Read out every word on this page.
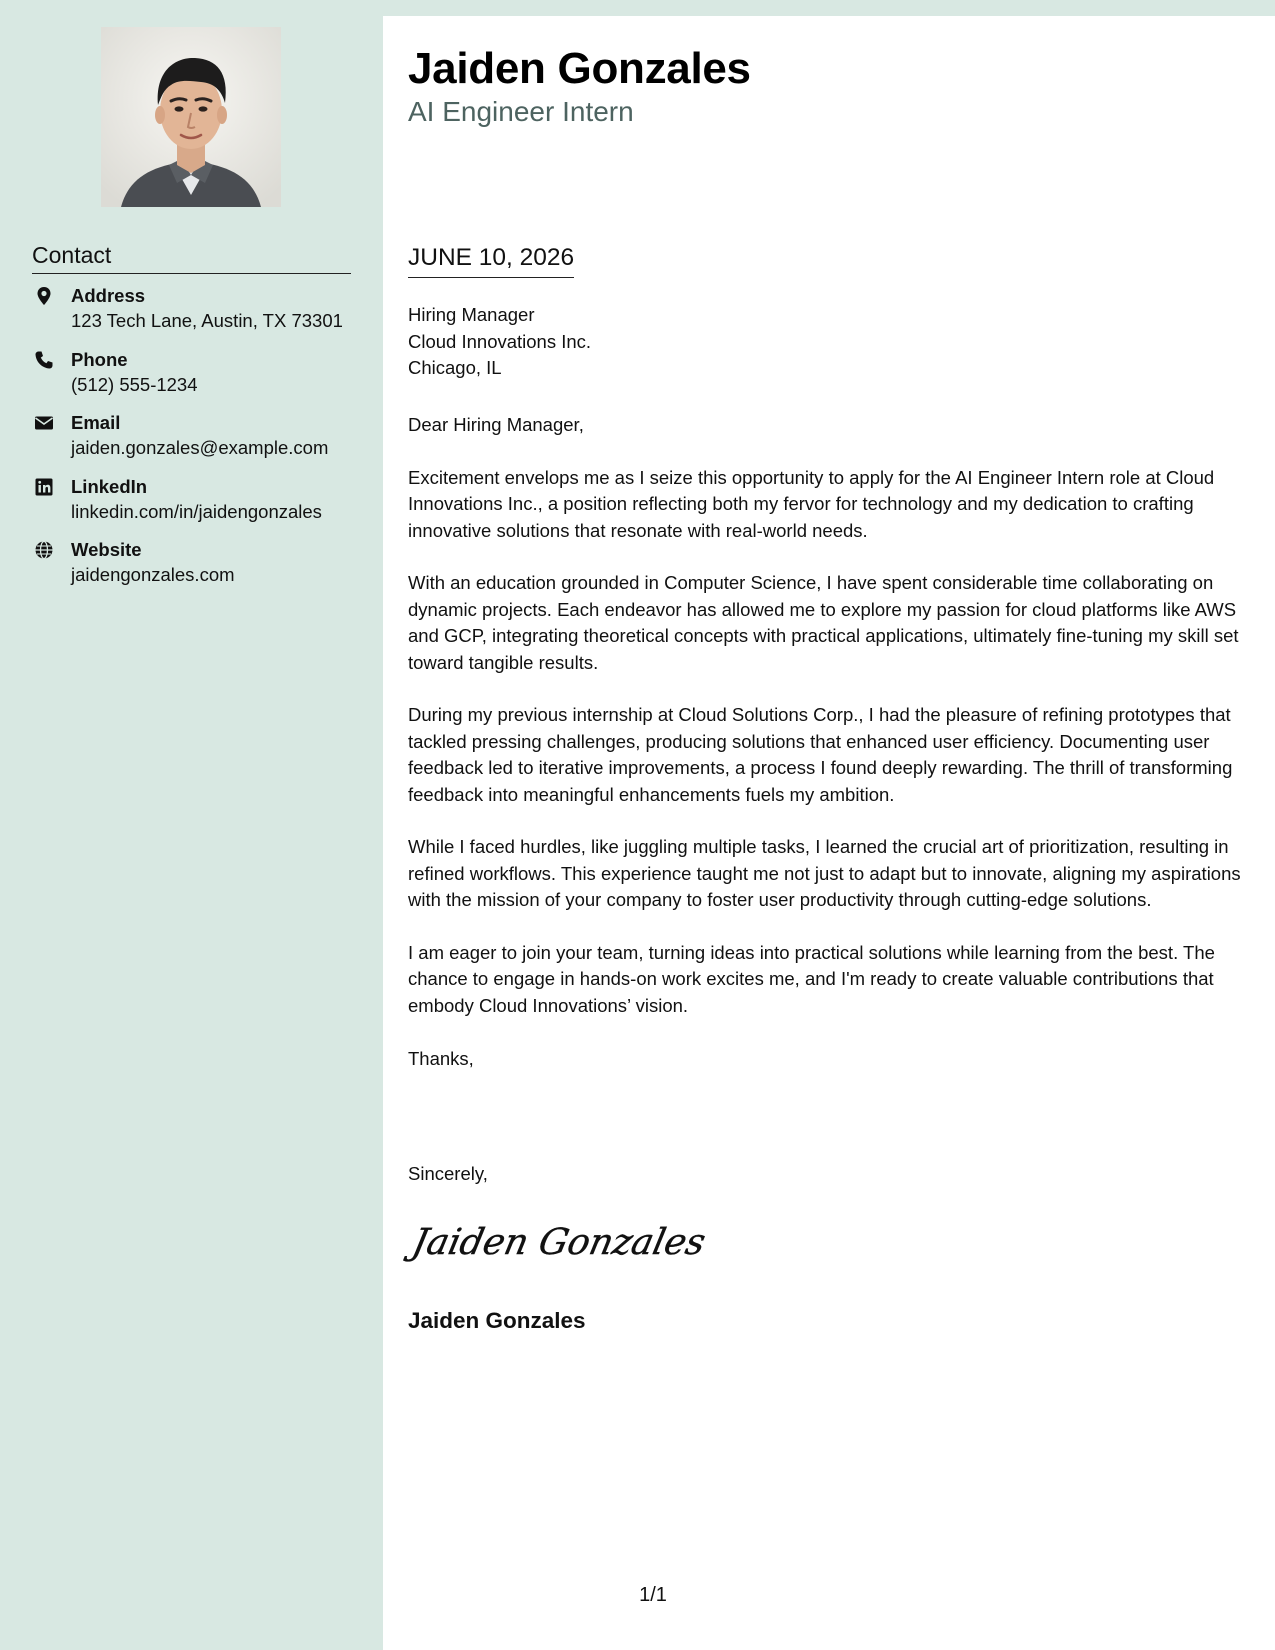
Contact
Address
123 Tech Lane, Austin, TX 73301
Phone
(512) 555-1234
Email
jaiden.gonzales@example.com
LinkedIn
linkedin.com/in/jaidengonzales
Website
jaidengonzales.com
Jaiden Gonzales
AI Engineer Intern
JUNE 10, 2026
Hiring Manager
Cloud Innovations Inc.
Chicago, IL

Dear Hiring Manager,

Excitement envelops me as I seize this opportunity to apply for the AI Engineer Intern role at Cloud Innovations Inc., a position reflecting both my fervor for technology and my dedication to crafting innovative solutions that resonate with real-world needs.

With an education grounded in Computer Science, I have spent considerable time collaborating on dynamic projects. Each endeavor has allowed me to explore my passion for cloud platforms like AWS and GCP, integrating theoretical concepts with practical applications, ultimately fine-tuning my skill set toward tangible results.

During my previous internship at Cloud Solutions Corp., I had the pleasure of refining prototypes that tackled pressing challenges, producing solutions that enhanced user efficiency. Documenting user feedback led to iterative improvements, a process I found deeply rewarding. The thrill of transforming feedback into meaningful enhancements fuels my ambition.

While I faced hurdles, like juggling multiple tasks, I learned the crucial art of prioritization, resulting in refined workflows. This experience taught me not just to adapt but to innovate, aligning my aspirations with the mission of your company to foster user productivity through cutting-edge solutions.

I am eager to join your team, turning ideas into practical solutions while learning from the best. The chance to engage in hands-on work excites me, and I'm ready to create valuable contributions that embody Cloud Innovations’ vision.

Thanks,

Sincerely,
Jaiden Gonzales
Jaiden Gonzales
1/1
